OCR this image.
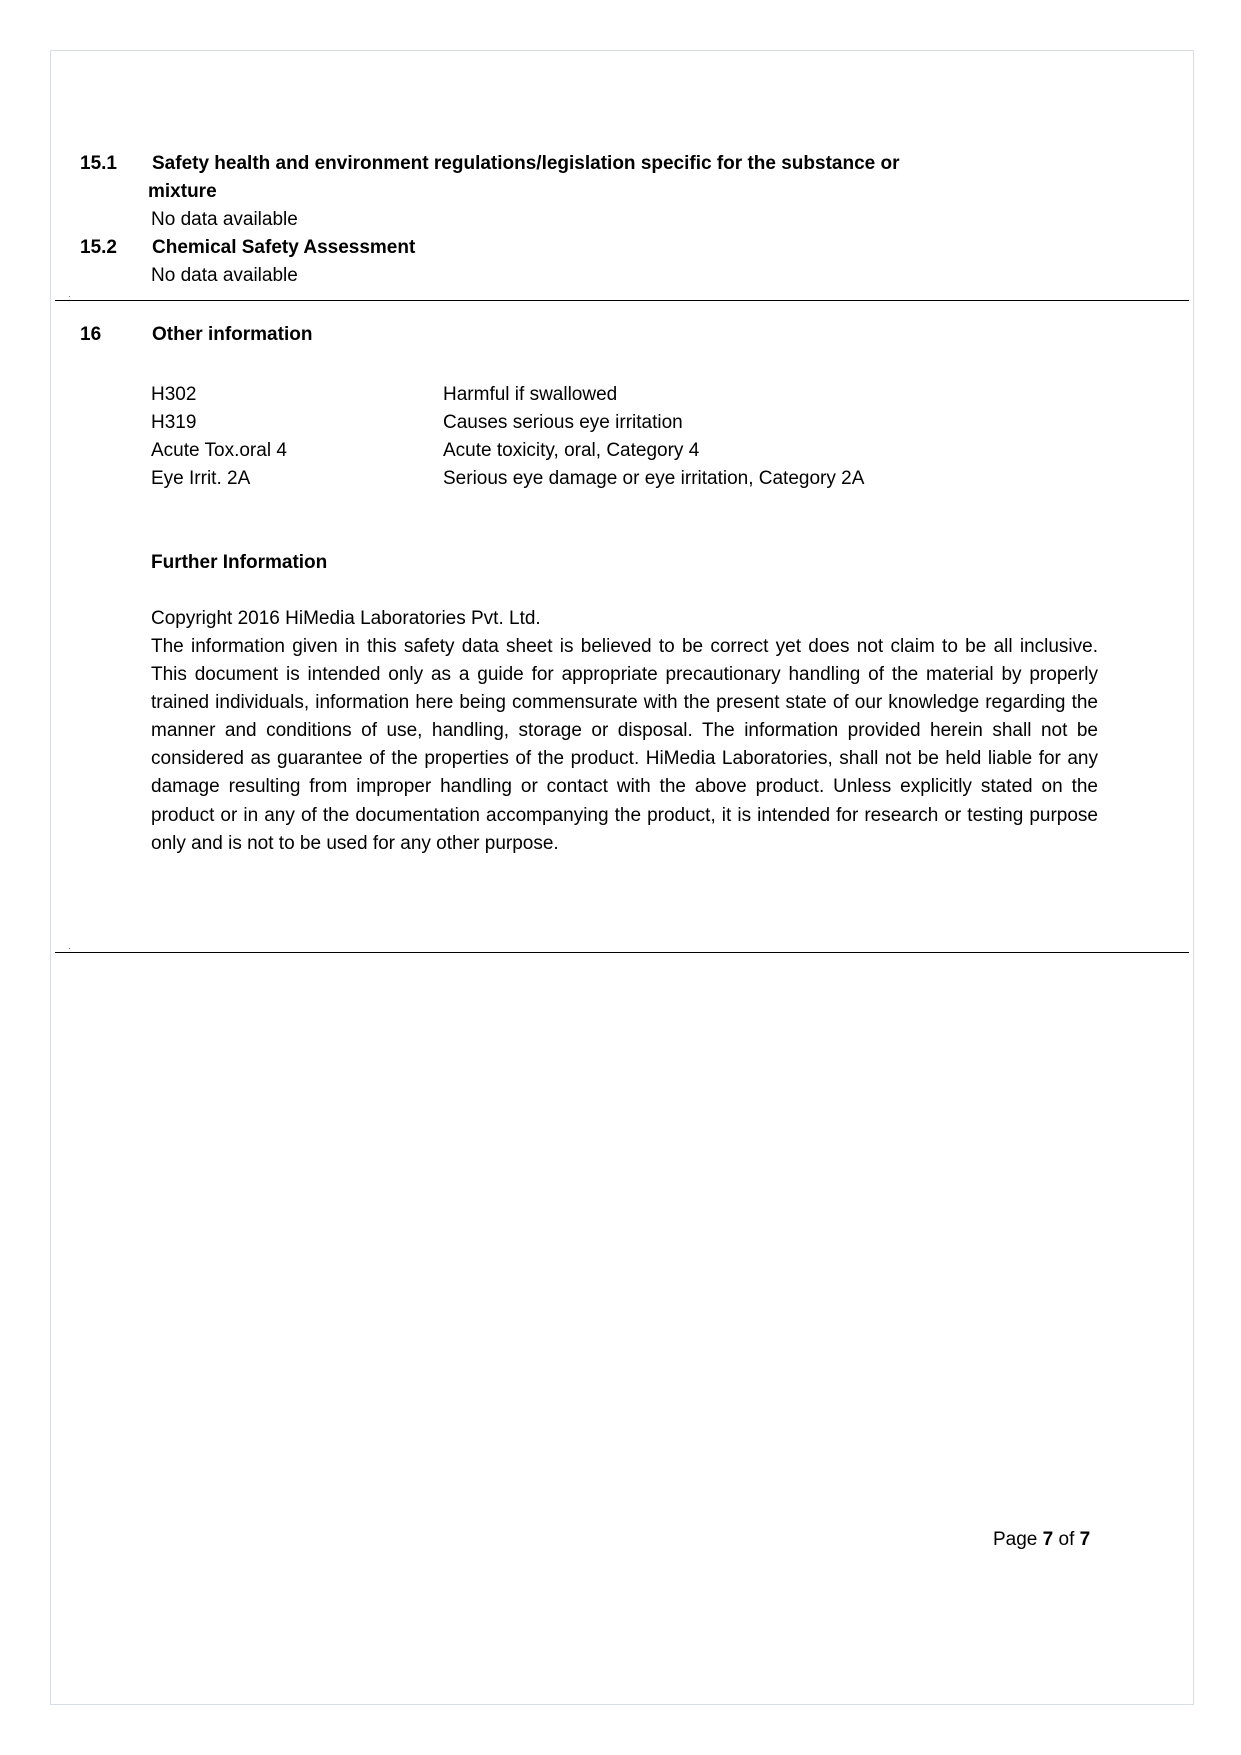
15.1 Safety health and environment regulations/legislation specific for the substance or
mixture
No data available
15.2 Chemical Safety Assessment
No data available
16	Other information
H302	Harmful if swallowed
H319	Causes serious eye irritation
Acute Tox.oral 4	Acute toxicity, oral, Category 4
Eye Irrit. 2A	Serious eye damage or eye irritation, Category 2A
Further Information
Copyright 2016 HiMedia Laboratories Pvt. Ltd.
The information given in this safety data sheet is believed to be correct yet does not claim to be all inclusive. This document is intended only as a guide for appropriate precautionary handling of the material by properly trained individuals, information here being commensurate with the present state of our knowledge regarding the manner and conditions of use, handling, storage or disposal. The information provided herein shall not be considered as guarantee of the properties of the product. HiMedia Laboratories, shall not be held liable for any damage resulting from improper handling or contact with the above product. Unless explicitly stated on the product or in any of the documentation accompanying the product, it is intended for research or testing purpose only and is not to be used for any other purpose.
Page 7 of 7
